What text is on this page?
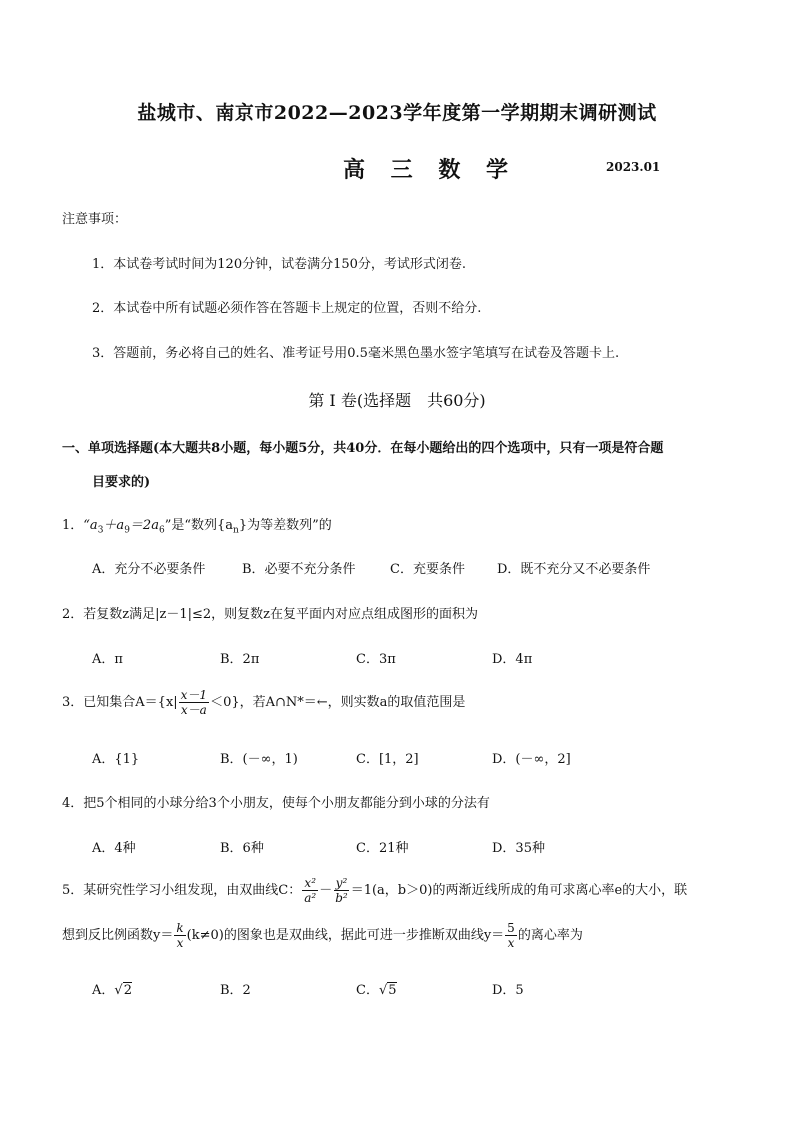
盐城市、南京市2022—2023学年度第一学期期末调研测试
高 三 数 学	2023.01
注意事项：
1．本试卷考试时间为120分钟，试卷满分150分，考试形式闭卷.
2．本试卷中所有试题必须作答在答题卡上规定的位置，否则不给分.
3．答题前，务必将自己的姓名、准考证号用0.5毫米黑色墨水签字笔填写在试卷及答题卡上.
第 I 卷(选择题　共60分)
一、单项选择题(本大题共8小题，每小题5分，共40分．在每小题给出的四个选项中，只有一项是符合题
目要求的)
1．“$a_3+a_9=2a_6$”是“数列$\{a_n\}$为等差数列”的
A．充分不必要条件	B．必要不充分条件	C．充要条件 D．既不充分又不必要条件
2．若复数z满足|z－1|≤2，则复数z在复平面内对应点组成图形的面积为
A．π	B．2π	C．3π	D．4π
3．已知集合$A=\{x| \frac{x-1}{x-a} <0\}$，若A∩N*＝←，则实数a的取值范围是
A．{1}	B．(－∞，1)	C．[1，2]	D．(－∞，2]
4．把5个相同的小球分给3个小朋友，使每个小朋友都能分到小球的分法有
A．4种	B．6种	C．21种	D．35种
5．某研究性学习小组发现，由双曲线C： $\frac{\text{x²}}{\text{a²}} - \frac{\text{y²}}{\text{b²}} =1(a$，b＞0)的两渐近线所成的角可求离心率e的大小，联
想到反比例函数$y= \frac{k}{x} (k\ne 0)$的图象也是双曲线，据此可进一步推断双曲线$y= \frac{5}{x}$ 的离心率为
A．√2	B．2	C．√5	D．5
